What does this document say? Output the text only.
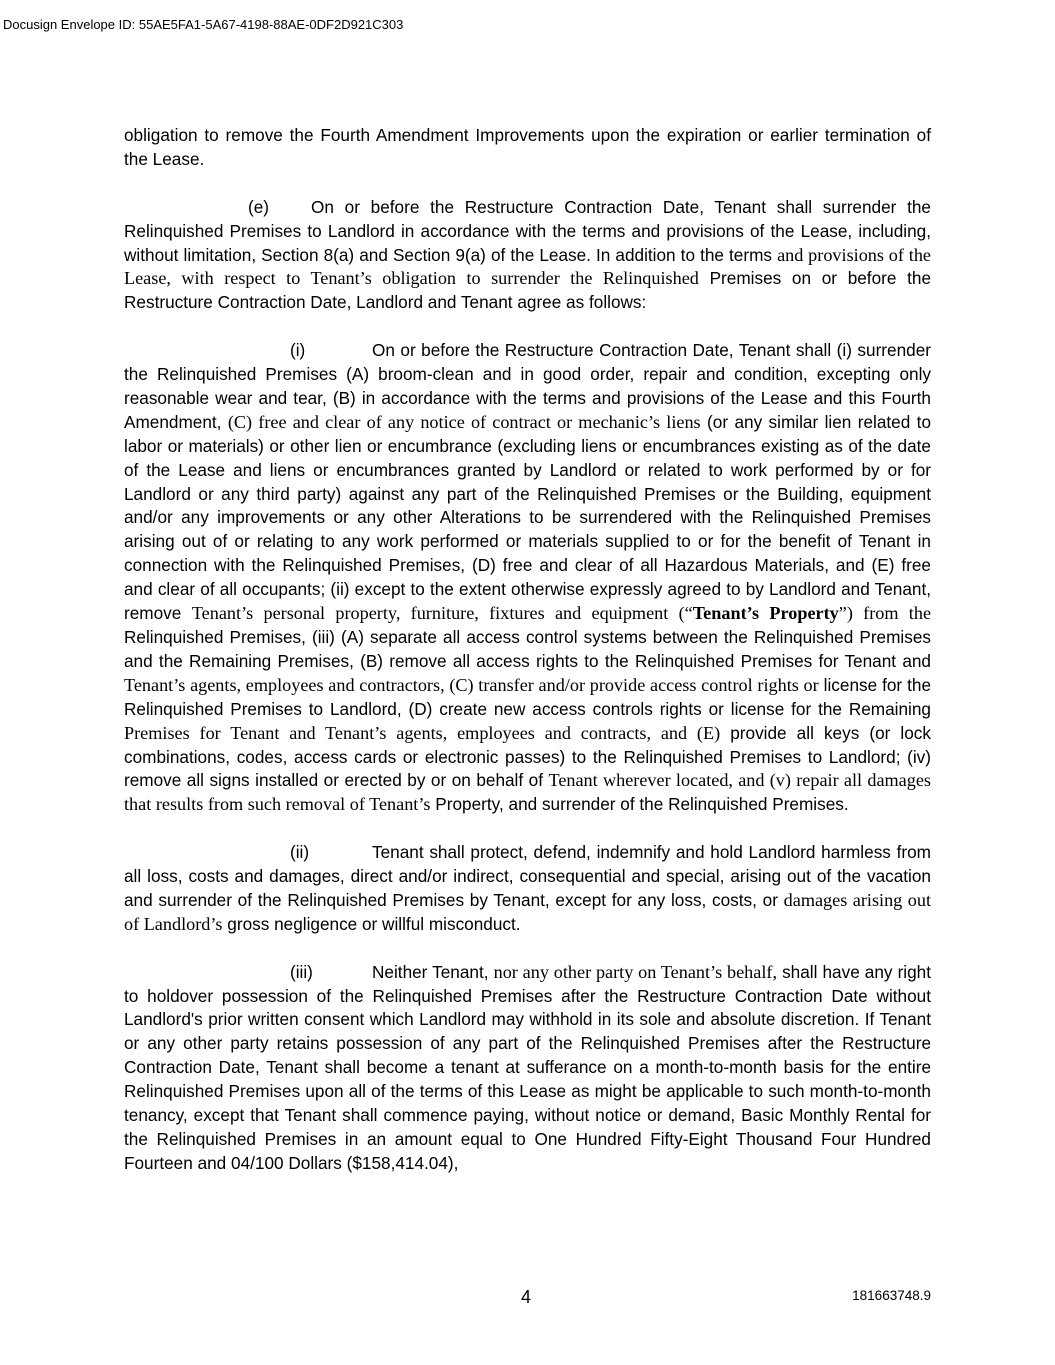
Docusign Envelope ID: 55AE5FA1-5A67-4198-88AE-0DF2D921C303

obligation to remove the Fourth Amendment Improvements upon the expiration or earlier termination of the Lease.

(e) On or before the Restructure Contraction Date, Tenant shall surrender the Relinquished Premises to Landlord in accordance with the terms and provisions of the Lease, including, without limitation, Section 8(a) and Section 9(a) of the Lease. In addition to the terms and provisions of the Lease, with respect to Tenant’s obligation to surrender the Relinquished Premises on or before the Restructure Contraction Date, Landlord and Tenant agree as follows:

(i)	On or before the Restructure Contraction Date, Tenant shall (i) surrender the Relinquished Premises (A) broom-clean and in good order, repair and condition, excepting only reasonable wear and tear, (B) in accordance with the terms and provisions of the Lease and this Fourth Amendment, (C) free and clear of any notice of contract or mechanic’s liens (or any similar lien related to labor or materials) or other lien or encumbrance (excluding liens or encumbrances existing as of the date of the Lease and liens or encumbrances granted by Landlord or related to work performed by or for Landlord or any third party) against any part of the Relinquished Premises or the Building, equipment and/or any improvements or any other Alterations to be surrendered with the Relinquished Premises arising out of or relating to any work performed or materials supplied to or for the benefit of Tenant in connection with the Relinquished Premises, (D) free and clear of all Hazardous Materials, and (E) free and clear of all occupants; (ii) except to the extent otherwise expressly agreed to by Landlord and Tenant, remove Tenant’s personal property, furniture, fixtures and equipment (“Tenant’s Property”) from the Relinquished Premises, (iii) (A) separate all access control systems between the Relinquished Premises and the Remaining Premises, (B) remove all access rights to the Relinquished Premises for Tenant and Tenant’s agents, employees and contractors, (C) transfer and/or provide access control rights or license for the Relinquished Premises to Landlord, (D) create new access controls rights or license for the Remaining Premises for Tenant and Tenant’s agents, employees and contracts, and (E) provide all keys (or lock combinations, codes, access cards or electronic passes) to the Relinquished Premises to Landlord; (iv) remove all signs installed or erected by or on behalf of Tenant wherever located, and (v) repair all damages that results from such removal of Tenant’s Property, and surrender of the Relinquished Premises.

(ii)	Tenant shall protect, defend, indemnify and hold Landlord harmless from all loss, costs and damages, direct and/or indirect, consequential and special, arising out of the vacation and surrender of the Relinquished Premises by Tenant, except for any loss, costs, or damages arising out of Landlord’s gross negligence or willful misconduct.

(iii)	Neither Tenant, nor any other party on Tenant’s behalf, shall have any right to holdover possession of the Relinquished Premises after the Restructure Contraction Date without Landlord's prior written consent which Landlord may withhold in its sole and absolute discretion. If Tenant or any other party retains possession of any part of the Relinquished Premises after the Restructure Contraction Date, Tenant shall become a tenant at sufferance on a month-to-month basis for the entire Relinquished Premises upon all of the terms of this Lease as might be applicable to such month-to-month tenancy, except that Tenant shall commence paying, without notice or demand, Basic Monthly Rental for the Relinquished Premises in an amount equal to One Hundred Fifty-Eight Thousand Four Hundred Fourteen and 04/100 Dollars ($158,414.04),

4	181663748.9
